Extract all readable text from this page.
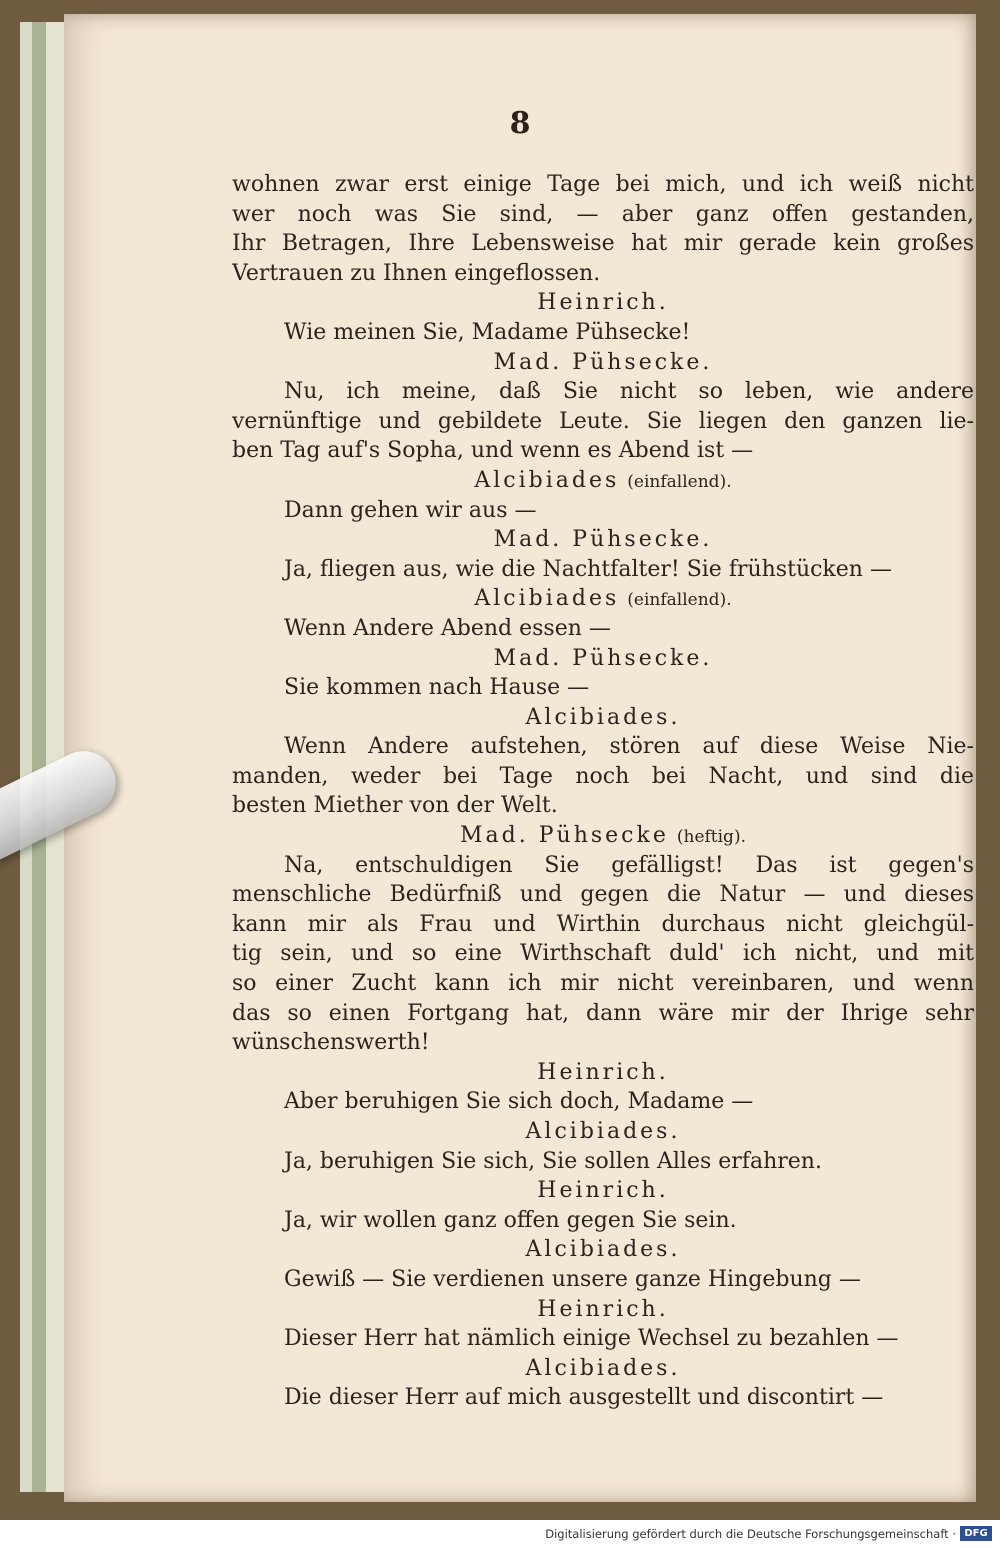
8
wohnen zwar erst einige Tage bei mich, und ich weiß nicht
wer noch was Sie sind, — aber ganz offen gestanden,
Ihr Betragen, Ihre Lebensweise hat mir gerade kein großes
Vertrauen zu Ihnen eingeflossen.
Heinrich.
Wie meinen Sie, Madame Pühsecke!
Mad. Pühsecke.
Nu, ich meine, daß Sie nicht so leben, wie andere
vernünftige und gebildete Leute. Sie liegen den ganzen lie-
ben Tag auf's Sopha, und wenn es Abend ist —
Alcibiades (einfallend).
Dann gehen wir aus —
Mad. Pühsecke.
Ja, fliegen aus, wie die Nachtfalter! Sie frühstücken —
Alcibiades (einfallend).
Wenn Andere Abend essen —
Mad. Pühsecke.
Sie kommen nach Hause —
Alcibiades.
Wenn Andere aufstehen, stören auf diese Weise Nie-
manden, weder bei Tage noch bei Nacht, und sind die
besten Miether von der Welt.
Mad. Pühsecke (heftig).
Na, entschuldigen Sie gefälligst! Das ist gegen's
menschliche Bedürfniß und gegen die Natur — und dieses
kann mir als Frau und Wirthin durchaus nicht gleichgül-
tig sein, und so eine Wirthschaft duld' ich nicht, und mit
so einer Zucht kann ich mir nicht vereinbaren, und wenn
das so einen Fortgang hat, dann wäre mir der Ihrige sehr
wünschenswerth!
Heinrich.
Aber beruhigen Sie sich doch, Madame —
Alcibiades.
Ja, beruhigen Sie sich, Sie sollen Alles erfahren.
Heinrich.
Ja, wir wollen ganz offen gegen Sie sein.
Alcibiades.
Gewiß — Sie verdienen unsere ganze Hingebung —
Heinrich.
Dieser Herr hat nämlich einige Wechsel zu bezahlen —
Alcibiades.
Die dieser Herr auf mich ausgestellt und discontirt —
Digitalisierung gefördert durch die Deutsche Forschungsgemeinschaft · DFG
